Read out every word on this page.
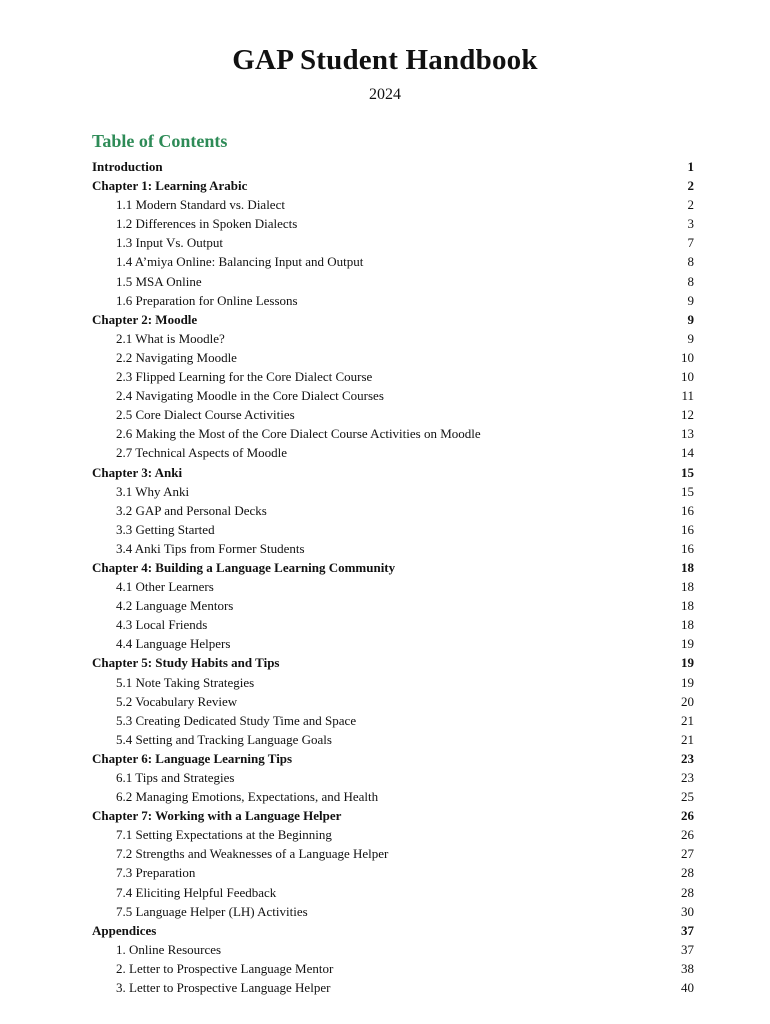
GAP Student Handbook
2024
Table of Contents
Introduction	1
Chapter 1: Learning Arabic	2
1.1 Modern Standard vs. Dialect	2
1.2 Differences in Spoken Dialects	3
1.3 Input Vs. Output	7
1.4 A’miya Online: Balancing Input and Output	8
1.5 MSA Online	8
1.6 Preparation for Online Lessons	9
Chapter 2: Moodle	9
2.1 What is Moodle?	9
2.2 Navigating Moodle	10
2.3 Flipped Learning for the Core Dialect Course	10
2.4 Navigating Moodle in the Core Dialect Courses	11
2.5 Core Dialect Course Activities	12
2.6 Making the Most of the Core Dialect Course Activities on Moodle	13
2.7 Technical Aspects of Moodle	14
Chapter 3: Anki	15
3.1 Why Anki	15
3.2 GAP and Personal Decks	16
3.3 Getting Started	16
3.4 Anki Tips from Former Students	16
Chapter 4: Building a Language Learning Community	18
4.1 Other Learners	18
4.2 Language Mentors	18
4.3 Local Friends	18
4.4 Language Helpers	19
Chapter 5: Study Habits and Tips	19
5.1 Note Taking Strategies	19
5.2 Vocabulary Review	20
5.3 Creating Dedicated Study Time and Space	21
5.4 Setting and Tracking Language Goals	21
Chapter 6: Language Learning Tips	23
6.1 Tips and Strategies	23
6.2 Managing Emotions, Expectations, and Health	25
Chapter 7: Working with a Language Helper	26
7.1 Setting Expectations at the Beginning	26
7.2 Strengths and Weaknesses of a Language Helper	27
7.3 Preparation	28
7.4 Eliciting Helpful Feedback	28
7.5 Language Helper (LH) Activities	30
Appendices	37
1. Online Resources	37
2. Letter to Prospective Language Mentor	38
3. Letter to Prospective Language Helper	40
